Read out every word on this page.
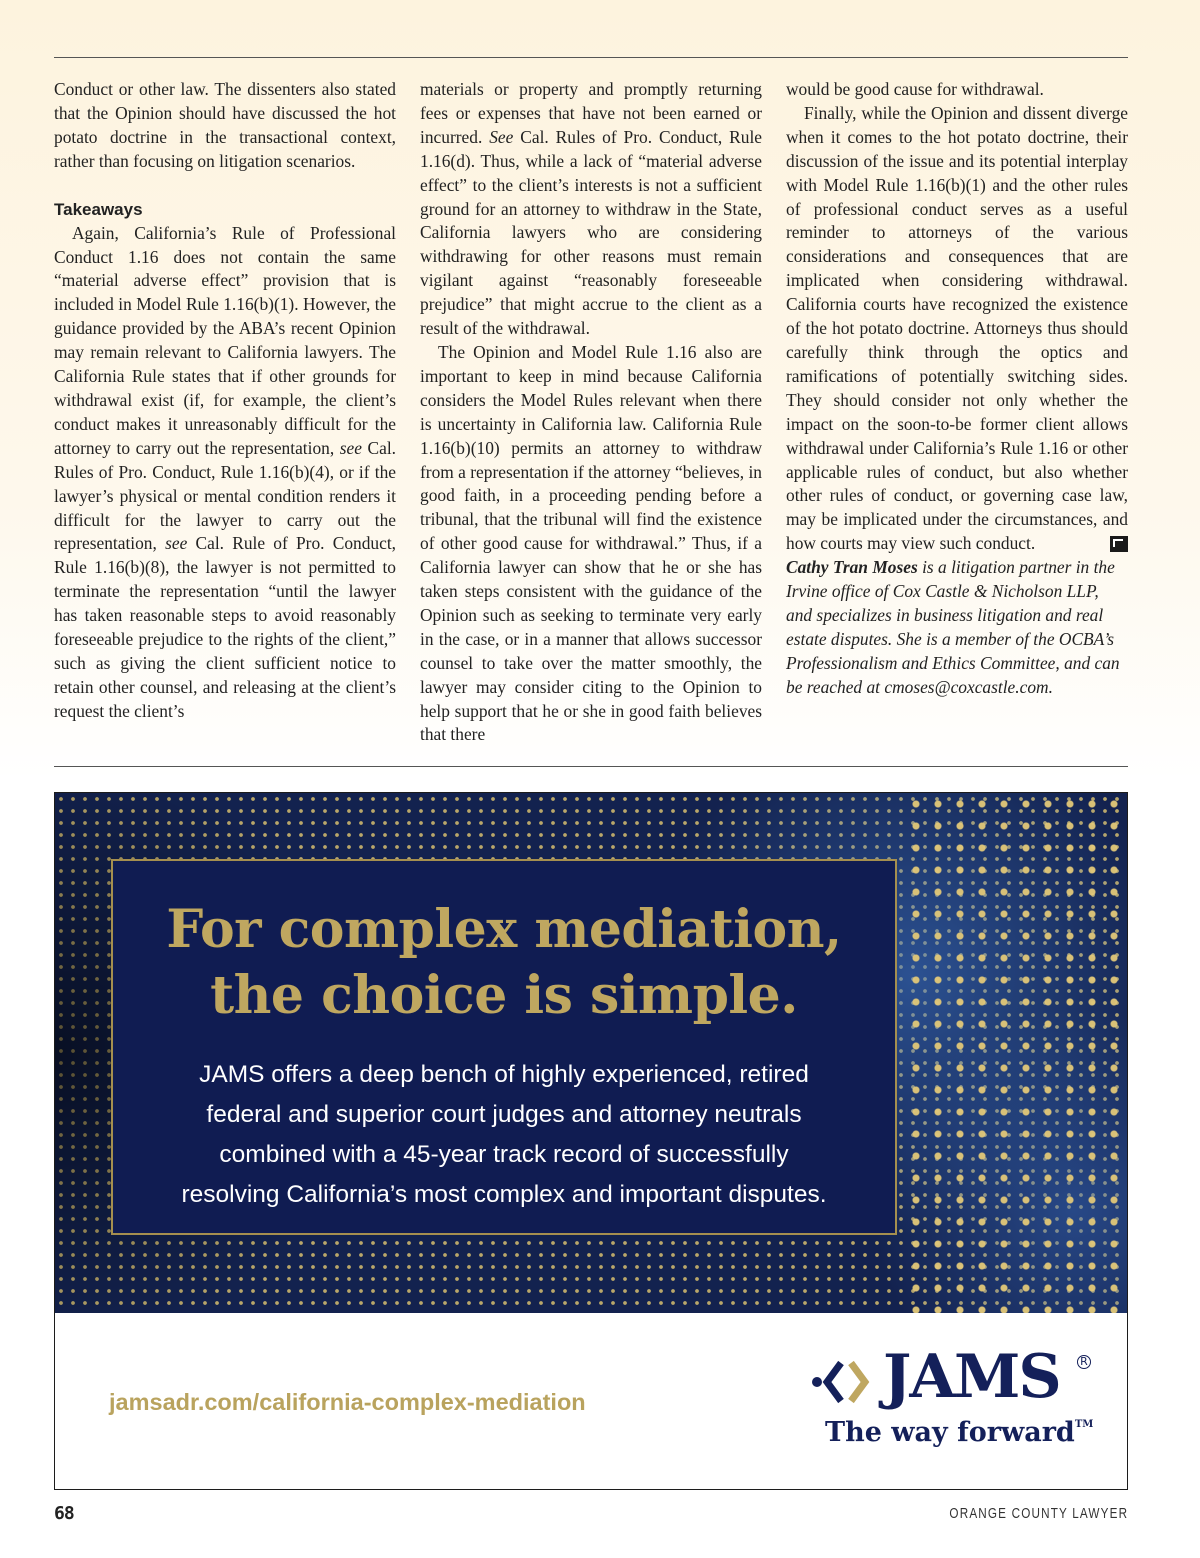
Conduct or other law. The dissenters also stated that the Opinion should have discussed the hot potato doctrine in the transactional context, rather than focusing on litigation scenarios.

Takeaways

Again, California’s Rule of Professional Conduct 1.16 does not contain the same “material adverse effect” provision that is included in Model Rule 1.16(b)(1). However, the guidance provided by the ABA’s recent Opinion may remain relevant to California lawyers. The California Rule states that if other grounds for withdrawal exist (if, for example, the client’s conduct makes it unreasonably difficult for the attorney to carry out the representation, see Cal. Rules of Pro. Conduct, Rule 1.16(b)(4), or if the lawyer’s physical or mental condition renders it difficult for the lawyer to carry out the representation, see Cal. Rule of Pro. Conduct, Rule 1.16(b)(8), the lawyer is not permitted to terminate the representation “until the lawyer has taken reasonable steps to avoid reasonably foreseeable prejudice to the rights of the client,” such as giving the client sufficient notice to retain other counsel, and releasing at the client’s request the client’s

materials or property and promptly returning fees or expenses that have not been earned or incurred. See Cal. Rules of Pro. Conduct, Rule 1.16(d). Thus, while a lack of “material adverse effect” to the client’s interests is not a sufficient ground for an attorney to withdraw in the State, California lawyers who are considering withdrawing for other reasons must remain vigilant against “reasonably foreseeable prejudice” that might accrue to the client as a result of the withdrawal.

The Opinion and Model Rule 1.16 also are important to keep in mind because California considers the Model Rules relevant when there is uncertainty in California law. California Rule 1.16(b)(10) permits an attorney to withdraw from a representation if the attorney “believes, in good faith, in a proceeding pending before a tribunal, that the tribunal will find the existence of other good cause for withdrawal.” Thus, if a California lawyer can show that he or she has taken steps consistent with the guidance of the Opinion such as seeking to terminate very early in the case, or in a manner that allows successor counsel to take over the matter smoothly, the lawyer may consider citing to the Opinion to help support that he or she in good faith believes that there

would be good cause for withdrawal.

Finally, while the Opinion and dissent diverge when it comes to the hot potato doctrine, their discussion of the issue and its potential interplay with Model Rule 1.16(b)(1) and the other rules of professional conduct serves as a useful reminder to attorneys of the various considerations and consequences that are implicated when considering withdrawal. California courts have recognized the existence of the hot potato doctrine. Attorneys thus should carefully think through the optics and ramifications of potentially switching sides. They should consider not only whether the impact on the soon-to-be former client allows withdrawal under California’s Rule 1.16 or other applicable rules of conduct, but also whether other rules of conduct, or governing case law, may be implicated under the circumstances, and how courts may view such conduct.

Cathy Tran Moses is a litigation partner in the Irvine office of Cox Castle & Nicholson LLP, and specializes in business litigation and real estate disputes. She is a member of the OCBA’s Professionalism and Ethics Committee, and can be reached at cmoses@coxcastle.com.

For complex mediation,
the choice is simple.
JAMS offers a deep bench of highly experienced, retired
federal and superior court judges and attorney neutrals
combined with a 45-year track record of successfully
resolving California’s most complex and important disputes.
jamsadr.com/california-complex-mediation	JAMS R
The way forward™
68	ORANGE COUNTY LAWYER
